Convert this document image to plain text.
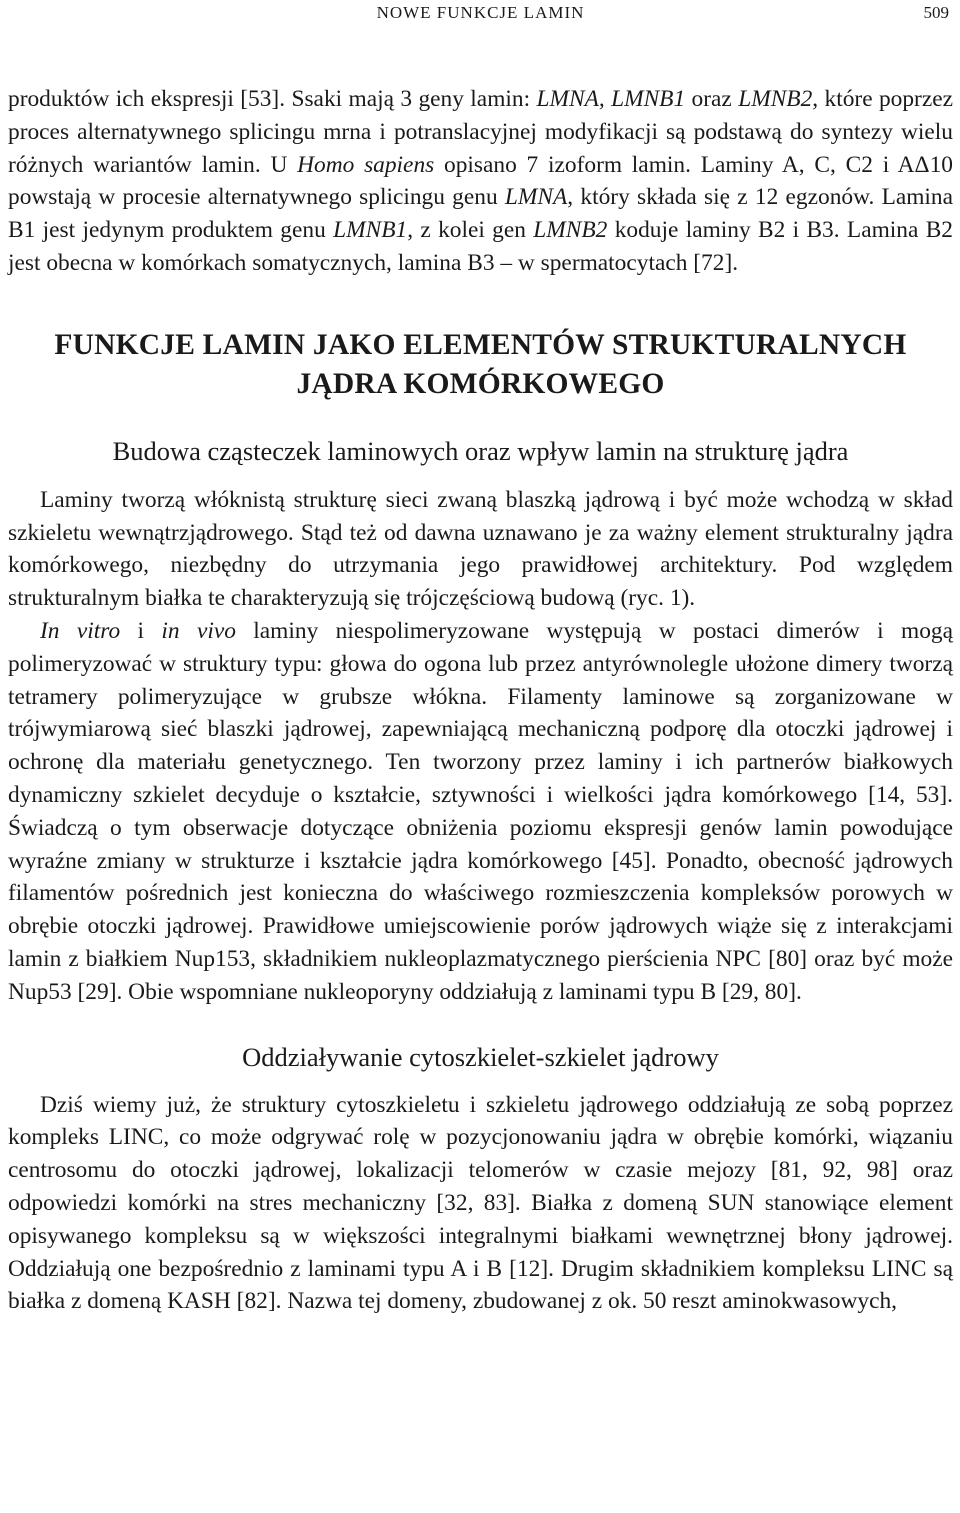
NOWE FUNKCJE LAMIN	509

produktów ich ekspresji [53]. Ssaki mają 3 geny lamin: LMNA, LMNB1 oraz LMNB2, które poprzez proces alternatywnego splicingu mrna i potranslacyjnej modyfikacji są podstawą do syntezy wielu różnych wariantów lamin. U Homo sapiens opisano 7 izoform lamin. Laminy A, C, C2 i AΔ10 powstają w procesie alternatywnego splicingu genu LMNA, który składa się z 12 egzonów. Lamina B1 jest jedynym produktem genu LMNB1, z kolei gen LMNB2 koduje laminy B2 i B3. Lamina B2 jest obecna w komórkach somatycznych, lamina B3 – w spermatocytach [72].

FUNKCJE LAMIN JAKO ELEMENTÓW STRUKTURALNYCH
JĄDRA KOMÓRKOWEGO
Budowa cząsteczek laminowych oraz wpływ lamin na strukturę jądra

Laminy tworzą włóknistą strukturę sieci zwaną blaszką jądrową i być może wchodzą w skład szkieletu wewnątrzjądrowego. Stąd też od dawna uznawano je za ważny element strukturalny jądra komórkowego, niezbędny do utrzymania jego prawidłowej architektury. Pod względem strukturalnym białka te charakteryzują się trójczęściową budową (ryc. 1).

In vitro i in vivo laminy niespolimeryzowane występują w postaci dimerów i mogą polimeryzować w struktury typu: głowa do ogona lub przez antyrównolegle ułożone dimery tworzą tetramery polimeryzujące w grubsze włókna. Filamenty laminowe są zorganizowane w trójwymiarową sieć blaszki jądrowej, zapewniającą mechaniczną podporę dla otoczki jądrowej i ochronę dla materiału genetycznego. Ten tworzony przez laminy i ich partnerów białkowych dynamiczny szkielet decyduje o kształcie, sztywności i wielkości jądra komórkowego [14, 53]. Świadczą o tym obserwacje dotyczące obniżenia poziomu ekspresji genów lamin powodujące wyraźne zmiany w strukturze i kształcie jądra komórkowego [45]. Ponadto, obecność jądrowych filamentów pośrednich jest konieczna do właściwego rozmieszczenia kompleksów porowych w obrębie otoczki jądrowej. Prawidłowe umiejscowienie porów jądrowych wiąże się z interakcjami lamin z białkiem Nup153, składnikiem nukleoplazmatycznego pierścienia NPC [80] oraz być może Nup53 [29]. Obie wspomniane nukleoporyny oddziałują z laminami typu B [29, 80].

Oddziaływanie cytoszkielet-szkielet jądrowy

Dziś wiemy już, że struktury cytoszkieletu i szkieletu jądrowego oddziałują ze sobą poprzez kompleks LINC, co może odgrywać rolę w pozycjonowaniu jądra w obrębie komórki, wiązaniu centrosomu do otoczki jądrowej, lokalizacji telomerów w czasie mejozy [81, 92, 98] oraz odpowiedzi komórki na stres mechaniczny [32, 83]. Białka z domeną SUN stanowiące element opisywanego kompleksu są w większości integralnymi białkami wewnętrznej błony jądrowej. Oddziałują one bezpośrednio z laminami typu A i B [12]. Drugim składnikiem kompleksu LINC są białka z domeną KASH [82]. Nazwa tej domeny, zbudowanej z ok. 50 reszt aminokwasowych,
